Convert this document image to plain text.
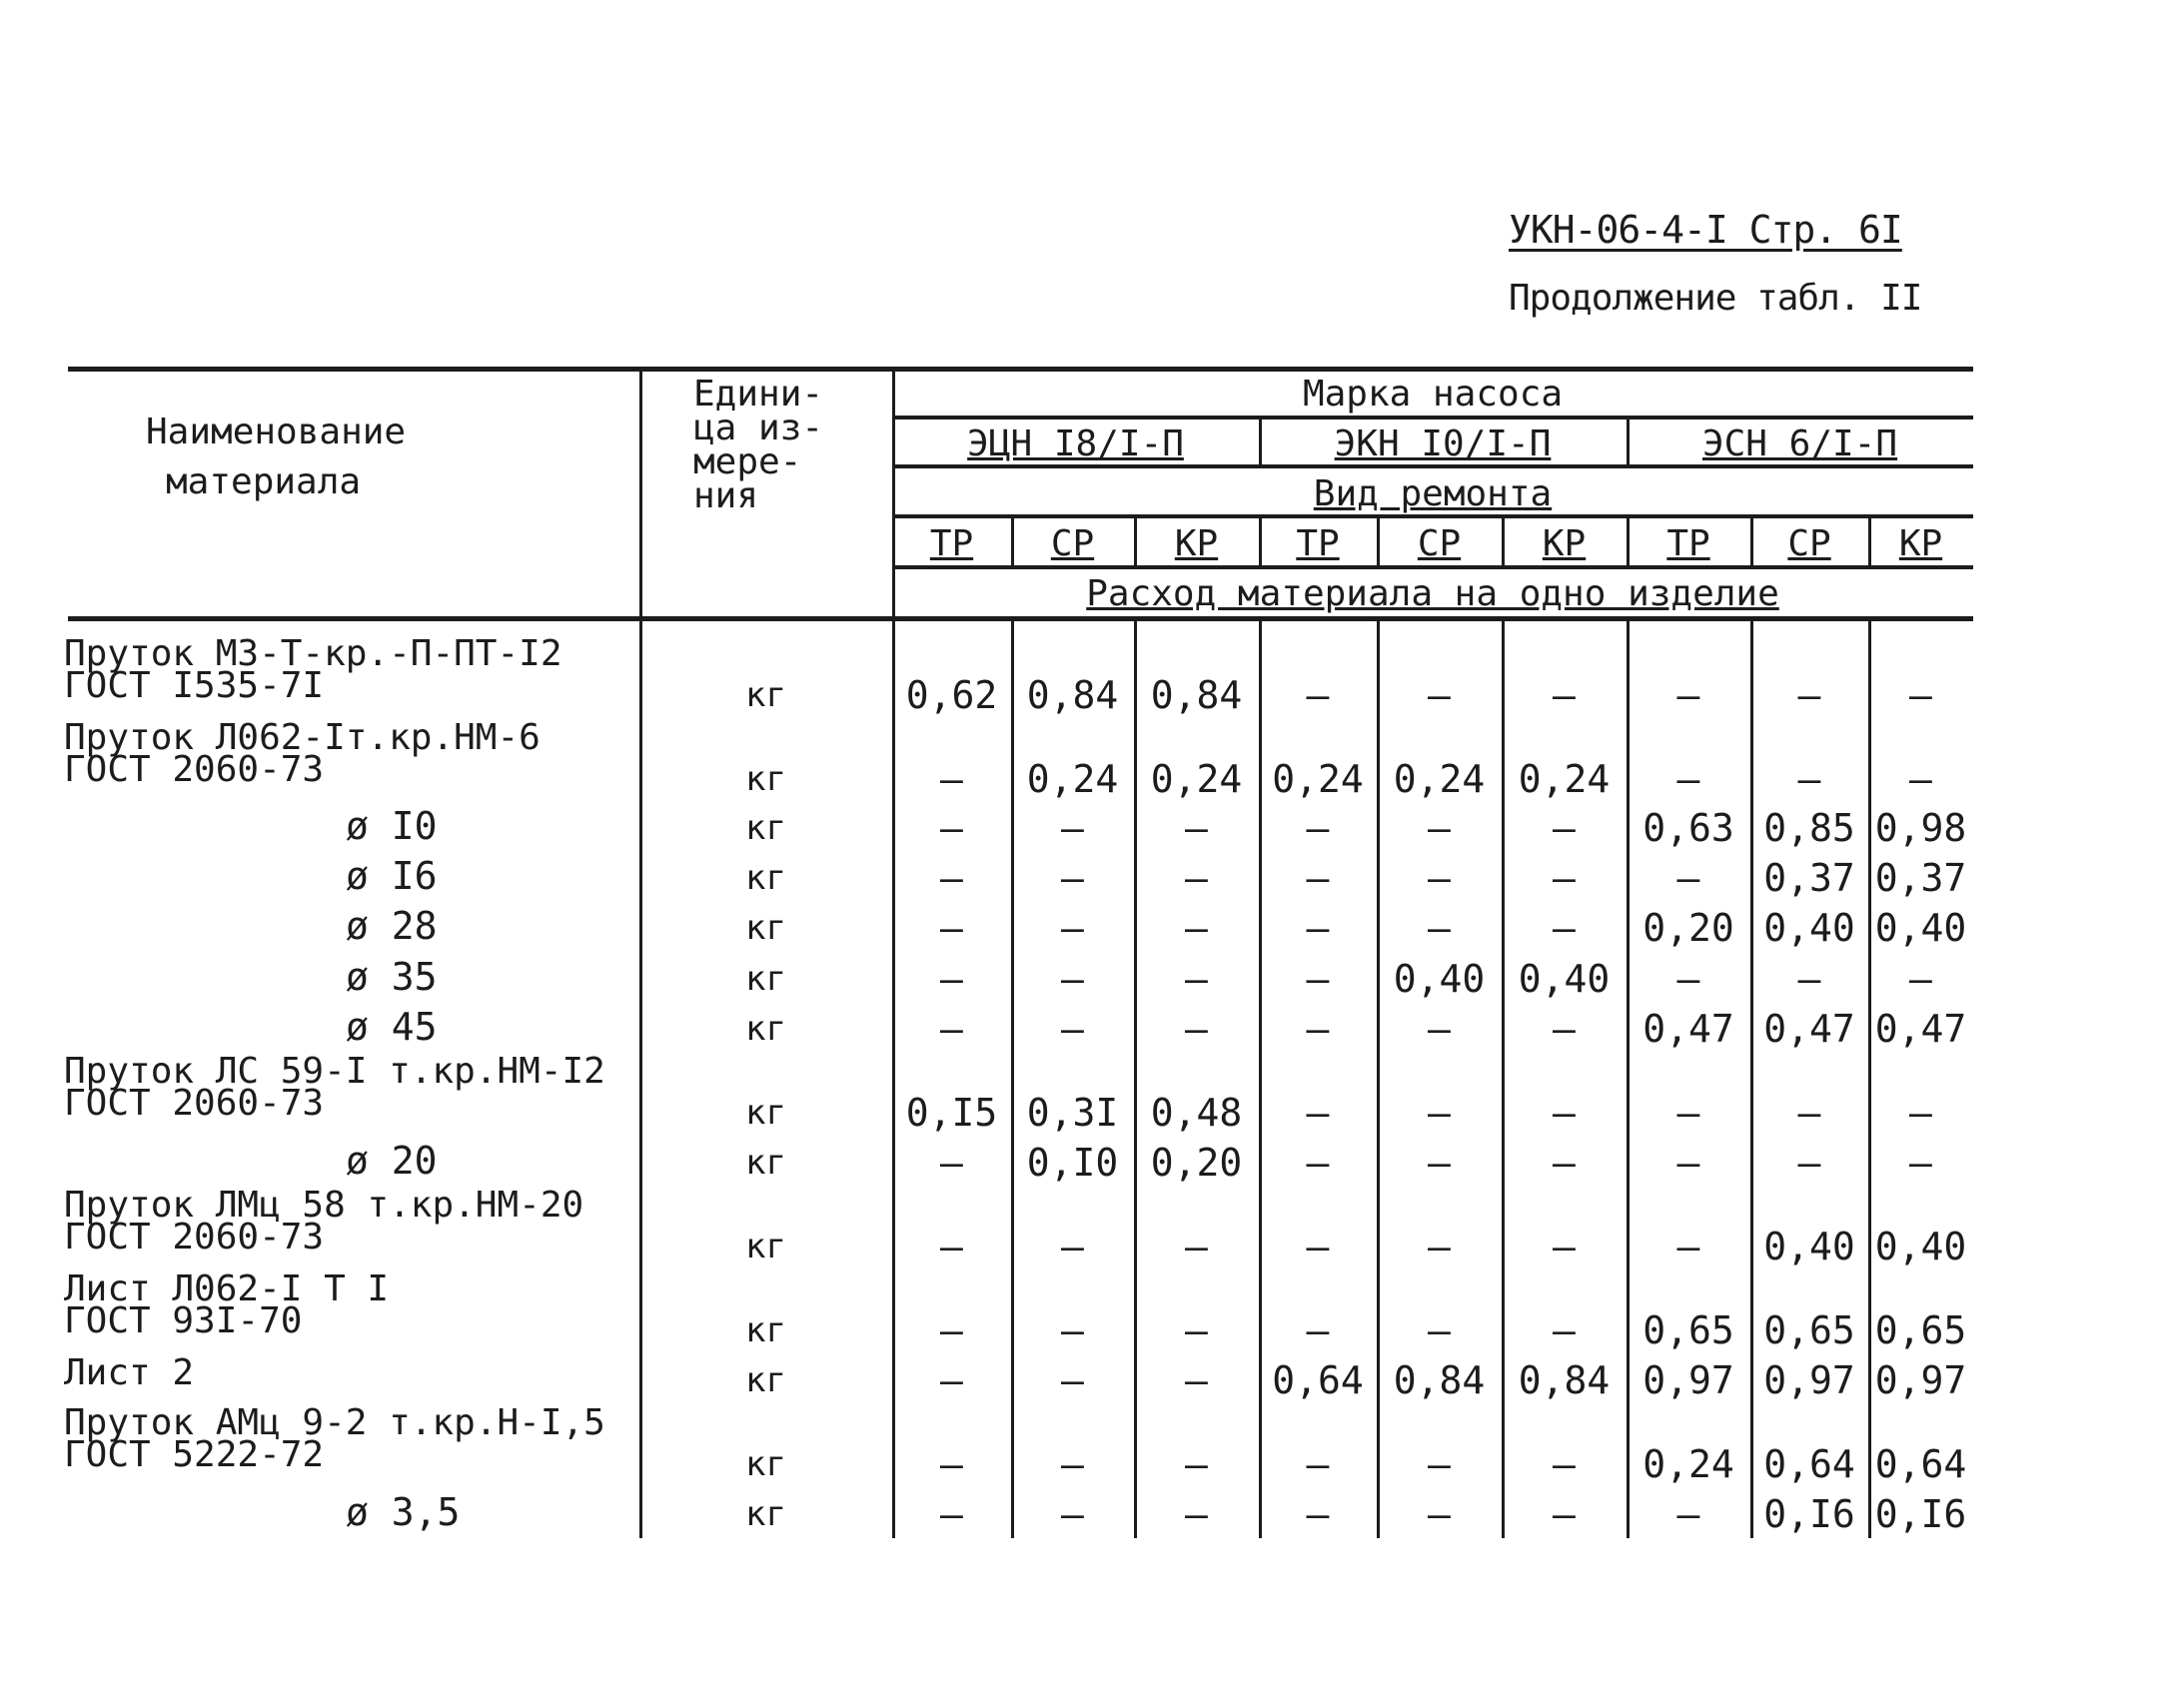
УКН-06-4-I Стр. 6I
Продолжение табл. II
Наименование
материала
Едини-
ца из-
мере-
ния
Марка насоса
ЭЦН I8/I-П	ЭКН I0/I-П	ЭСН 6/I-П
Вид ремонта
ТР	СР	КР	ТР	СР	КР	ТР	СР	КР
Расход материала на одно изделие
Пруток МЗ-Т-кр.-П-ПТ-I2
ГОСТ I535-7I	кг	0,62 0,84 0,84	–	–	–	–	–	–
Пруток Л062-Iт.кр.НМ-6
ГОСТ 2060-73	кг	–	0,24 0,24 0,24 0,24 0,24	–	–	–
ø I0	кг	–	–	–	–	–	–	0,63 0,85 0,98
ø I6	кг	–	–	–	–	–	–	–	0,37 0,37
ø 28	кг	–	–	–	–	–	–	0,20 0,40 0,40
ø 35	кг	–	–	–	–	0,40 0,40	–	–	–
ø 45	кг	–	–	–	–	–	–	0,47 0,47 0,47
Пруток ЛС 59-I т.кр.НМ-I2
ГОСТ 2060-73	кг	0,I5 0,3I 0,48	–	–	–	–	–	–
ø 20	кг	–	0,I0 0,20	–	–	–	–	–	–
Пруток ЛМц 58 т.кр.НМ-20
ГОСТ 2060-73	кг	–	–	–	–	–	–	–	0,40 0,40
Лист Л062-I Т I
ГОСТ 93I-70	кг	–	–	–	–	–	–	0,65 0,65 0,65
Лист 2	кг	–	–	–	0,64 0,84 0,84 0,97 0,97 0,97
Пруток АМц 9-2 т.кр.Н-I,5
ГОСТ 5222-72	кг	–	–	–	–	–	–	0,24 0,64 0,64
ø 3,5	кг	–	–	–	–	–	–	–	0,I6 0,I6
